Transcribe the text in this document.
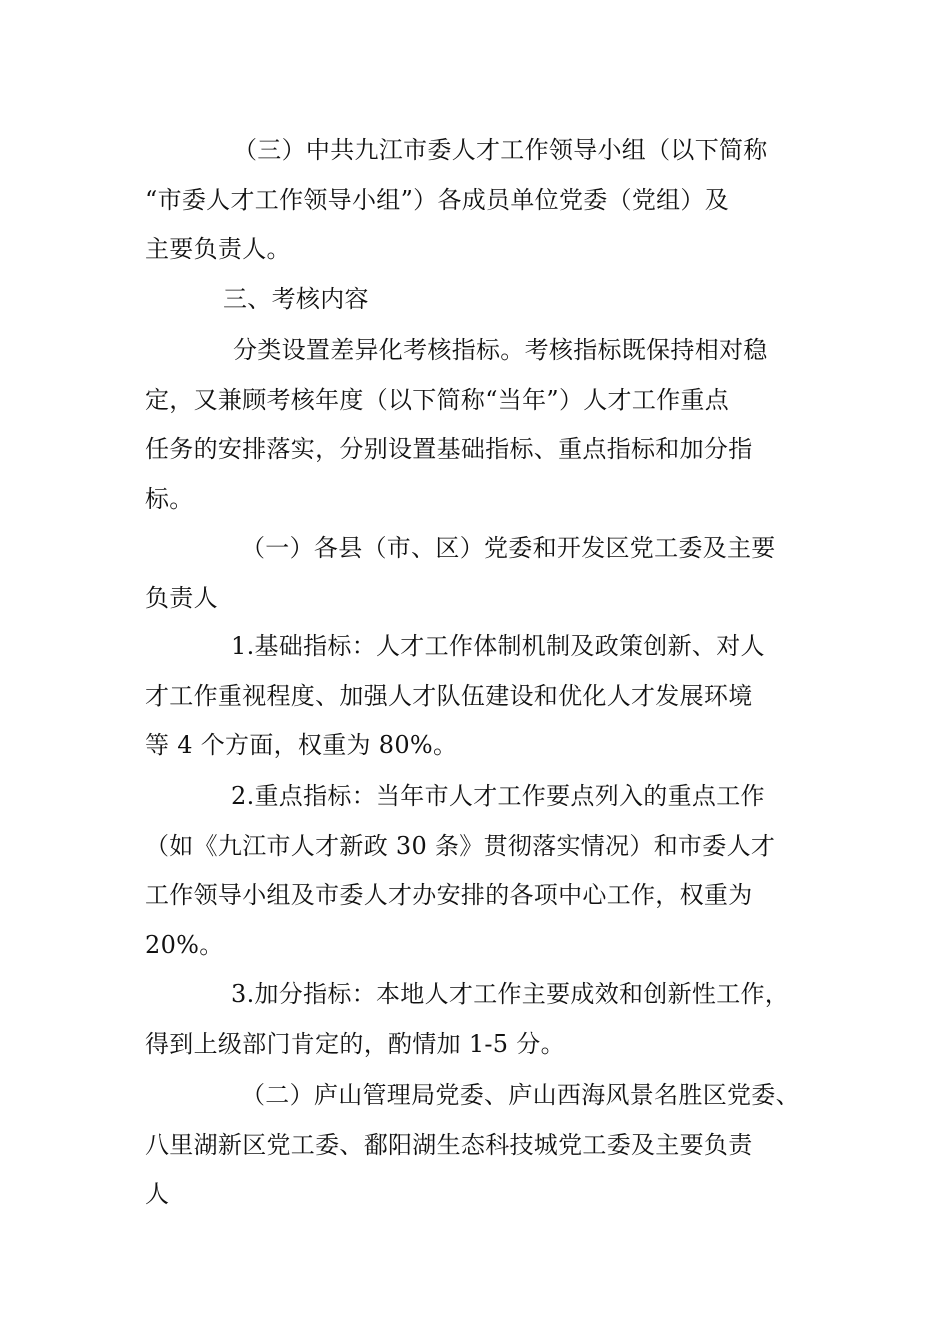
（三）中共九江市委人才工作领导小组（以下简称
“市委人才工作领导小组”）各成员单位党委（党组）及
主要负责人。

三、考核内容

分类设置差异化考核指标。考核指标既保持相对稳
定，又兼顾考核年度（以下简称“当年”）人才工作重点
任务的安排落实，分别设置基础指标、重点指标和加分指
标。

（一）各县（市、区）党委和开发区党工委及主要
负责人

1.基础指标：人才工作体制机制及政策创新、对人
才工作重视程度、加强人才队伍建设和优化人才发展环境
等 4 个方面，权重为 80%。

2.重点指标：当年市人才工作要点列入的重点工作
（如《九江市人才新政 30 条》贯彻落实情况）和市委人才
工作领导小组及市委人才办安排的各项中心工作，权重为
20%。

3.加分指标：本地人才工作主要成效和创新性工作，
得到上级部门肯定的，酌情加 1-5 分。

（二）庐山管理局党委、庐山西海风景名胜区党委、
八里湖新区党工委、鄱阳湖生态科技城党工委及主要负责
人
